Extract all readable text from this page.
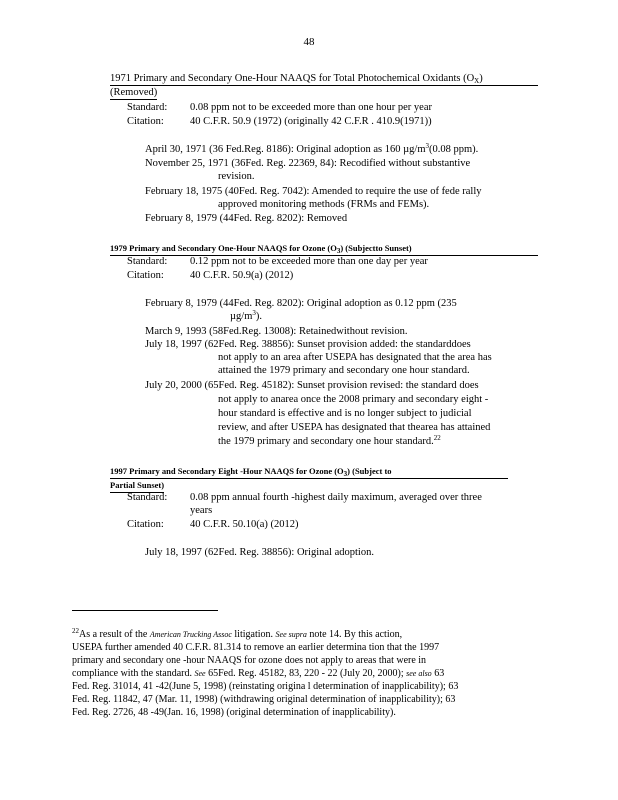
48
1971 Primary and Secondary One-Hour NAAQS for Total Photochemical Oxidants $(O_X)$
(Removed)
Standard:	0.08 ppm not to be exceeded more than one hour per year
Citation:	40 C.F.R. 50.9 (1972) (originally 42 C.F.R . 410.9(1971))
April 30, 1971 (36 Fed.Reg. 8186): Original adoption as 160 $\mu g/m^3(0.08$ ppm).
November 25, 1971 (36Fed. Reg. 22369, 84): Recodified without substantive
revision.
February 18, 1975 (40Fed. Reg. 7042): Amended to require the use of fede rally
approved monitoring methods (FRMs and FEMs).
February 8, 1979 (44Fed. Reg. 8202): Removed
1979 Primary and Secondary One-Hour NAAQS for Ozone $(O_3)$ (Subjectto Sunset)
Standard:	0.12 ppm not to be exceeded more than one day per year
Citation:	40 C.F.R. 50.9(a) (2012)
February 8, 1979 (44Fed. Reg. 8202): Original adoption as 0.12 ppm (235
$\mu g/m^3$).
March 9, 1993 (58Fed.Reg. 13008): Retainedwithout revision.
July 18, 1997 (62Fed. Reg. 38856): Sunset provision added: the standarddoes
not apply to an area after USEPA has designated that the area has
attained the 1979 primary and secondary one hour standard.
July 20, 2000 (65Fed. Reg. 45182): Sunset provision revised: the standard does
not apply to anarea once the 2008 primary and secondary eight -
hour standard is effective and is no longer subject to judicial
review, and after USEPA has designated that thearea has attained
the 1979 primary and secondary one hour standard.$^{22}$
1997 Primary and Secondary Eight -Hour NAAQS for Ozone $(O_3)$ (Subject to
Partial Sunset)
Standard:	0.08 ppm annual fourth -highest daily maximum, averaged over three
years
Citation:	40 C.F.R. 50.10(a) (2012)
July 18, 1997 (62Fed. Reg. 38856): Original adoption.
$^{22}$As a result of the American Trucking Assoc litigation. See supra note 14. By this action,
USEPA further amended 40 C.F.R. 81.314 to remove an earlier determina tion that the 1997
primary and secondary one -hour NAAQS for ozone does not apply to areas that were in
compliance with the standard. See 65Fed. Reg. 45182, 83, 220 - 22 (July 20, 2000); see also 63
Fed. Reg. 31014, 41 -42(June 5, 1998) (reinstating origina l determination of inapplicability); 63
Fed. Reg. 11842, 47 (Mar. 11, 1998) (withdrawing original determination of inapplicability); 63
Fed. Reg. 2726, 48 -49(Jan. 16, 1998) (original determination of inapplicability).
